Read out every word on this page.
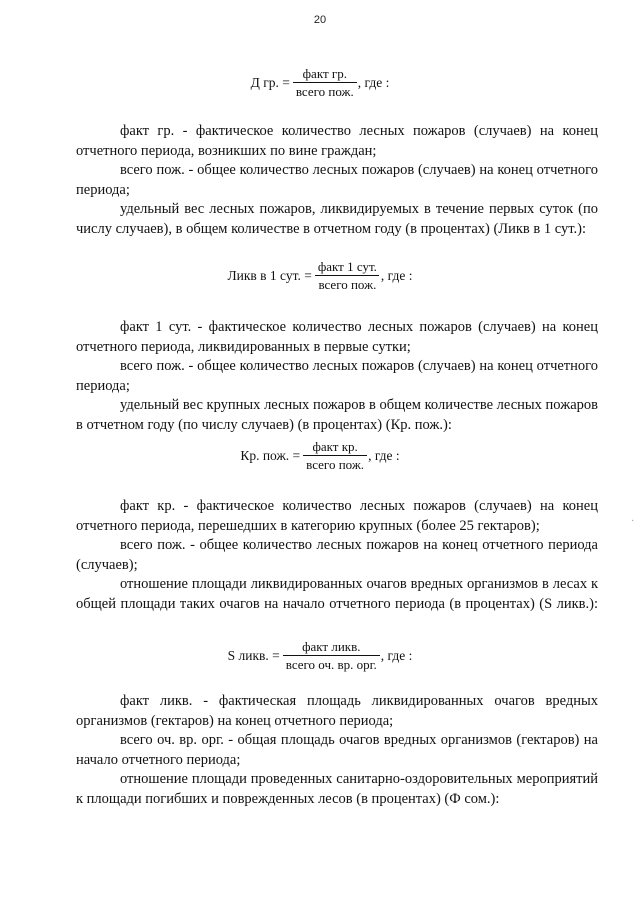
20
Д гр. = $\frac{\text{факт гр.}}{\text{всего пож.}}$ , где :

факт гр. - фактическое количество лесных пожаров (случаев) на конец отчетного периода, возникших по вине граждан;

всего пож. - общее количество лесных пожаров (случаев) на конец отчетного периода;

удельный вес лесных пожаров, ликвидируемых в течение первых суток (по числу случаев), в общем количестве в отчетном году (в процентах) (Ликв в 1 сут.):

Ликв в 1 сут. = $\frac{\text{факт 1 сут.}}{\text{всего пож.}}$ , где :

факт 1 сут. - фактическое количество лесных пожаров (случаев) на конец отчетного периода, ликвидированных в первые сутки;

всего пож. - общее количество лесных пожаров (случаев) на конец отчетного периода;

удельный вес крупных лесных пожаров в общем количестве лесных пожаров в отчетном году (по числу случаев) (в процентах) (Кр. пож.):

Кр. пож. = $\frac{\text{факт кр.}}{\text{всего пож.}}$ , где :

факт кр. - фактическое количество лесных пожаров (случаев) на конец отчетного периода, перешедших в категорию крупных (более 25 гектаров);

всего пож. - общее количество лесных пожаров на конец отчетного периода (случаев);

отношение площади ликвидированных очагов вредных организмов в лесах к общей площади таких очагов на начало отчетного периода (в процентах) (S ликв.):

S ликв. = $\frac{\text{факт ликв.}}{\text{всего оч. вр. орг.}}$ , где :

факт ликв. - фактическая площадь ликвидированных очагов вредных организмов (гектаров) на конец отчетного периода;

всего оч. вр. орг. - общая площадь очагов вредных организмов (гектаров) на начало отчетного периода;

отношение площади проведенных санитарно-оздоровительных мероприятий к площади погибших и поврежденных лесов (в процентах) (Ф сом.):

·
